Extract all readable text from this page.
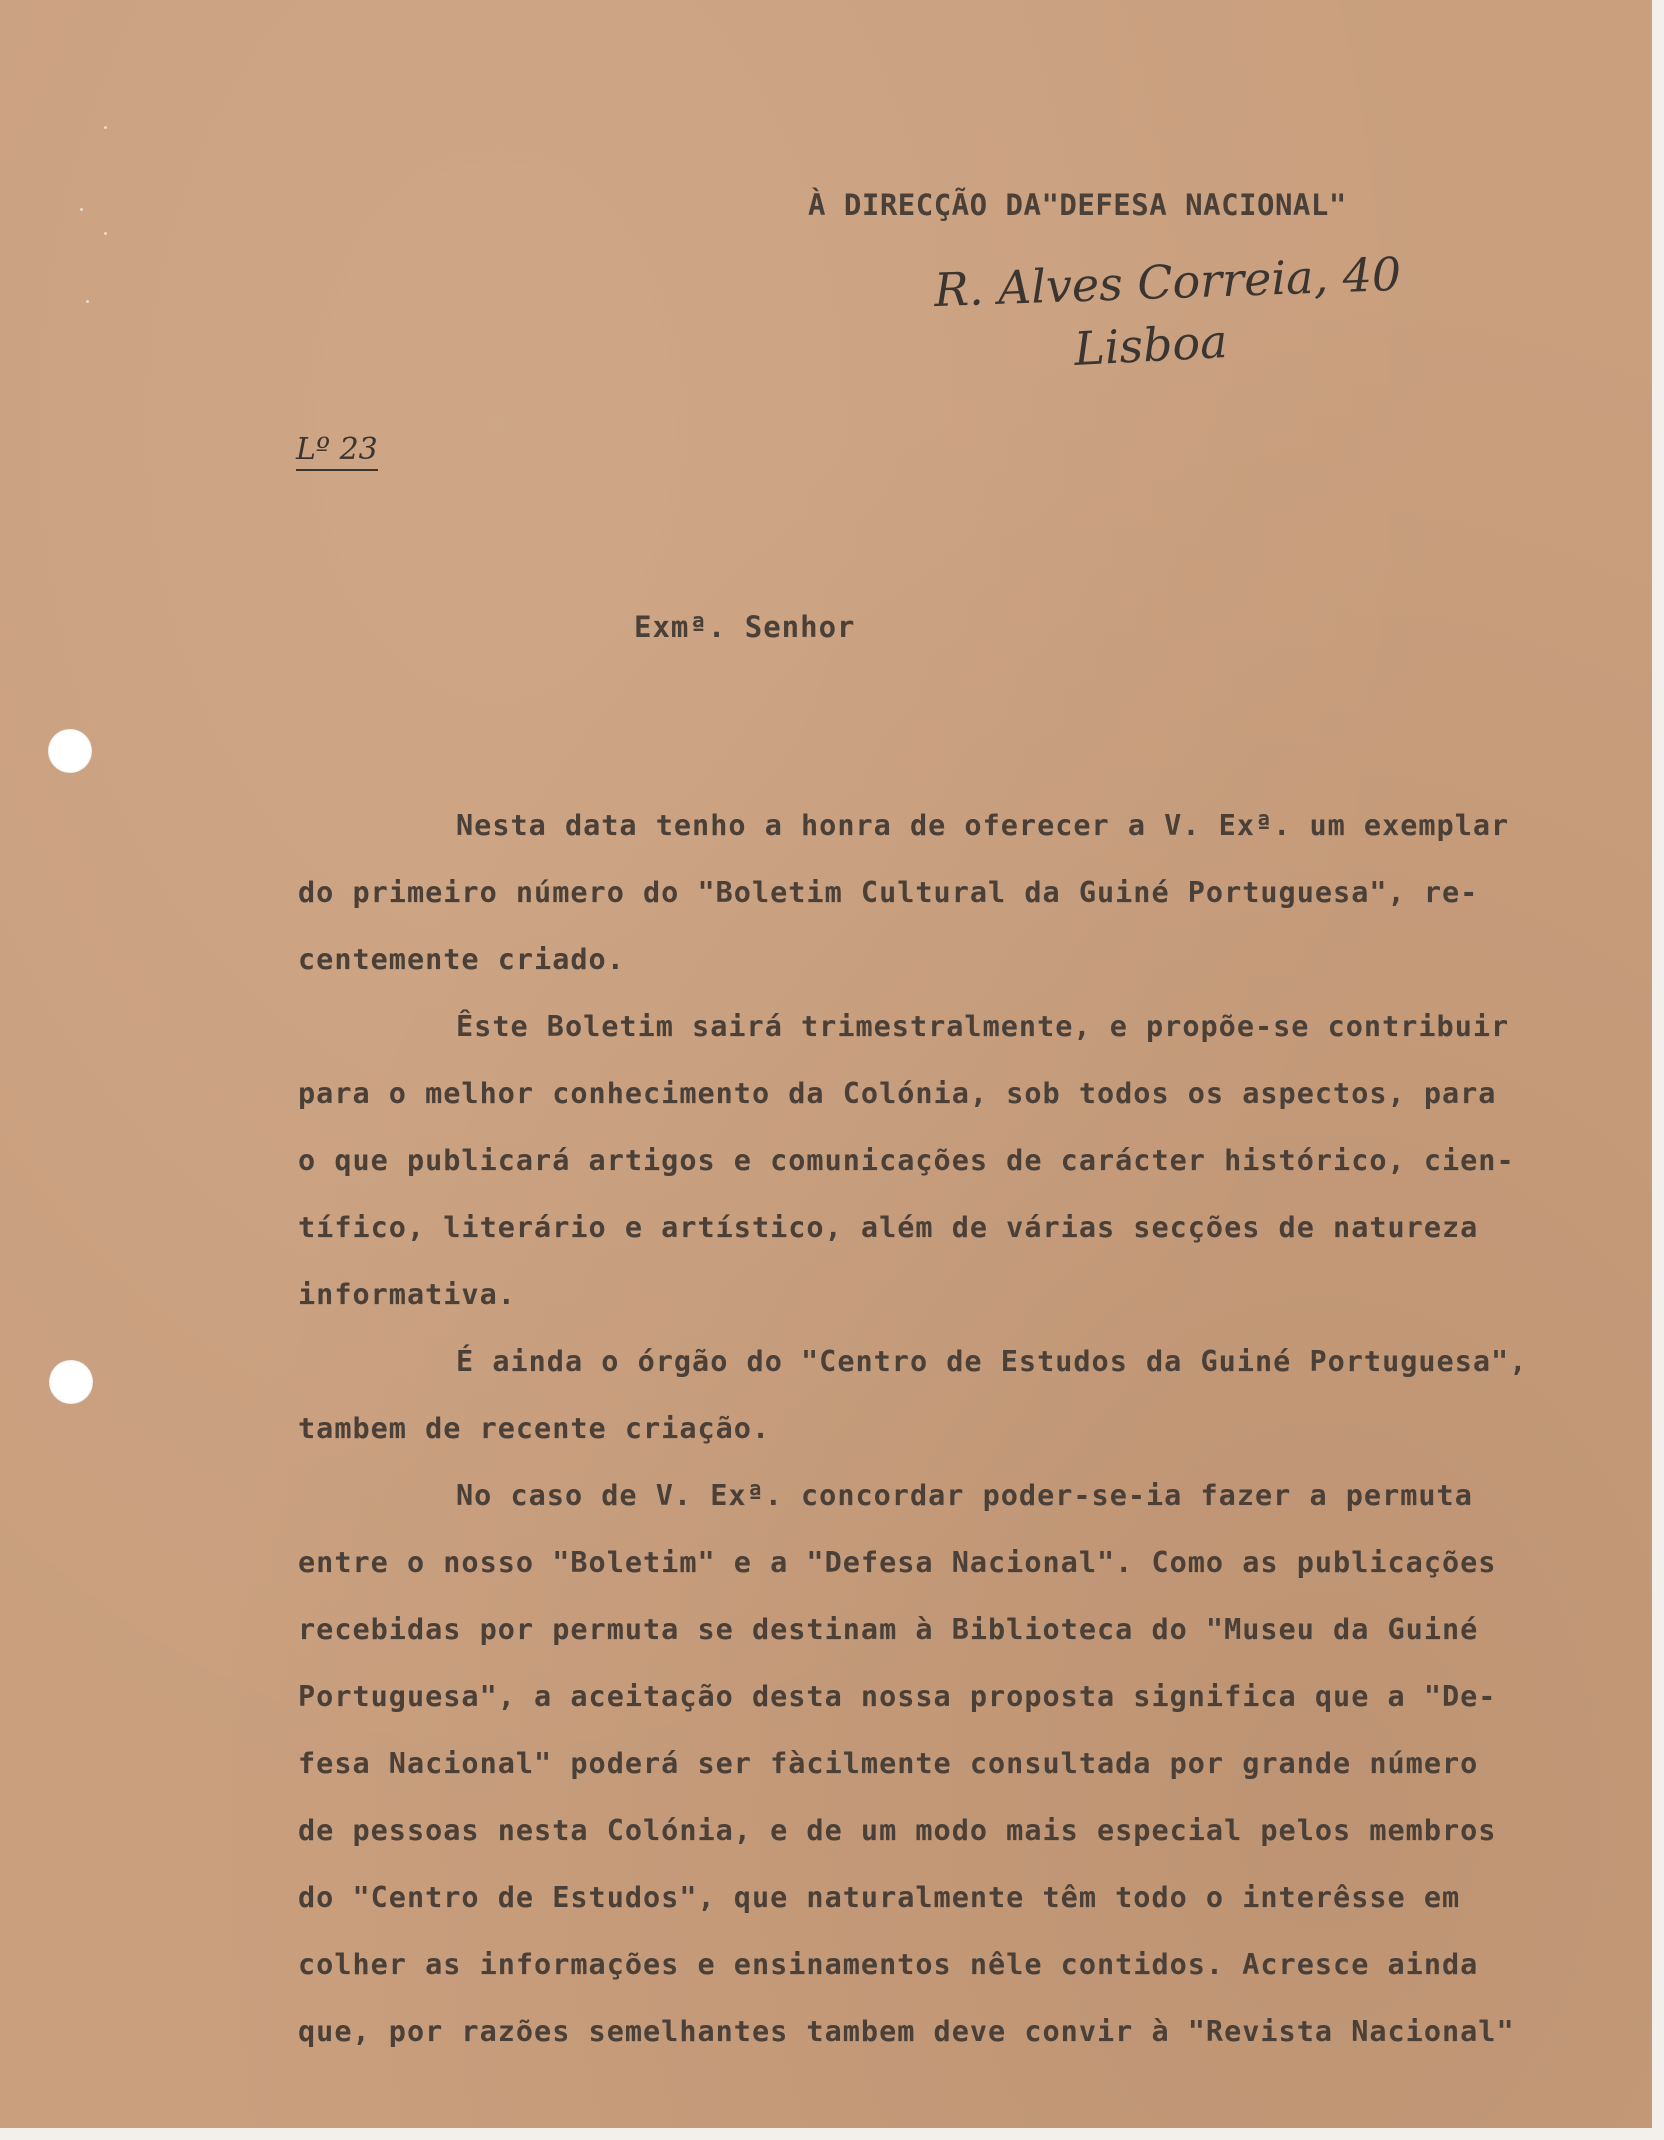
À DIRECÇÃO DA"DEFESA NACIONAL"
R. Alves Correia, 40
Lisboa
Lº 23
Exmª. Senhor
Nesta data tenho a honra de oferecer a V. Exª. um exemplar
do primeiro número do "Boletim Cultural da Guiné Portuguesa", re-
centemente criado.
Êste Boletim sairá trimestralmente, e propõe-se contribuir
para o melhor conhecimento da Colónia, sob todos os aspectos, para
o que publicará artigos e comunicações de carácter histórico, cien-
tífico, literário e artístico, além de várias secções de natureza
informativa.
É ainda o órgão do "Centro de Estudos da Guiné Portuguesa",
tambem de recente criação.
No caso de V. Exª. concordar poder-se-ia fazer a permuta
entre o nosso "Boletim" e a "Defesa Nacional". Como as publicações
recebidas por permuta se destinam à Biblioteca do "Museu da Guiné
Portuguesa", a aceitação desta nossa proposta significa que a "De-
fesa Nacional" poderá ser fàcilmente consultada por grande número
de pessoas nesta Colónia, e de um modo mais especial pelos membros
do "Centro de Estudos", que naturalmente têm todo o interêsse em
colher as informações e ensinamentos nêle contidos. Acresce ainda
que, por razões semelhantes tambem deve convir à "Revista Nacional"
